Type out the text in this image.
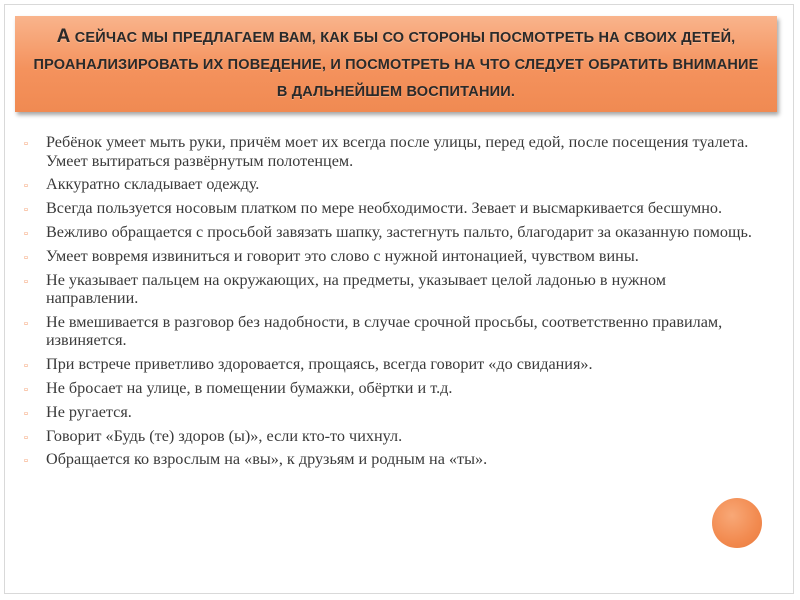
А СЕЙЧАС МЫ ПРЕДЛАГАЕМ ВАМ, КАК БЫ СО СТОРОНЫ ПОСМОТРЕТЬ НА СВОИХ ДЕТЕЙ, ПРОАНАЛИЗИРОВАТЬ ИХ ПОВЕДЕНИЕ, И ПОСМОТРЕТЬ НА ЧТО СЛЕДУЕТ ОБРАТИТЬ ВНИМАНИЕ В ДАЛЬНЕЙШЕМ ВОСПИТАНИИ.
▫ Ребёнок умеет мыть руки, причём моет их всегда после улицы, перед едой, после посещения туалета. Умеет вытираться развёрнутым полотенцем.
▫ Аккуратно складывает одежду.
▫ Всегда пользуется носовым платком по мере необходимости. Зевает и высмаркивается бесшумно.
▫ Вежливо обращается с просьбой завязать шапку, застегнуть пальто, благодарит за оказанную помощь.
▫ Умеет вовремя извиниться и говорит это слово с нужной интонацией, чувством вины.
▫ Не указывает пальцем на окружающих, на предметы, указывает целой ладонью в нужном направлении.
▫ Не вмешивается в разговор без надобности, в случае срочной просьбы, соответственно правилам, извиняется.
▫ При встрече приветливо здоровается, прощаясь, всегда говорит «до свидания».
▫ Не бросает на улице, в помещении бумажки, обёртки и т.д.
▫ Не ругается.
▫ Говорит «Будь (те) здоров (ы)», если кто-то чихнул.
▫ Обращается ко взрослым на «вы», к друзьям и родным на «ты».
